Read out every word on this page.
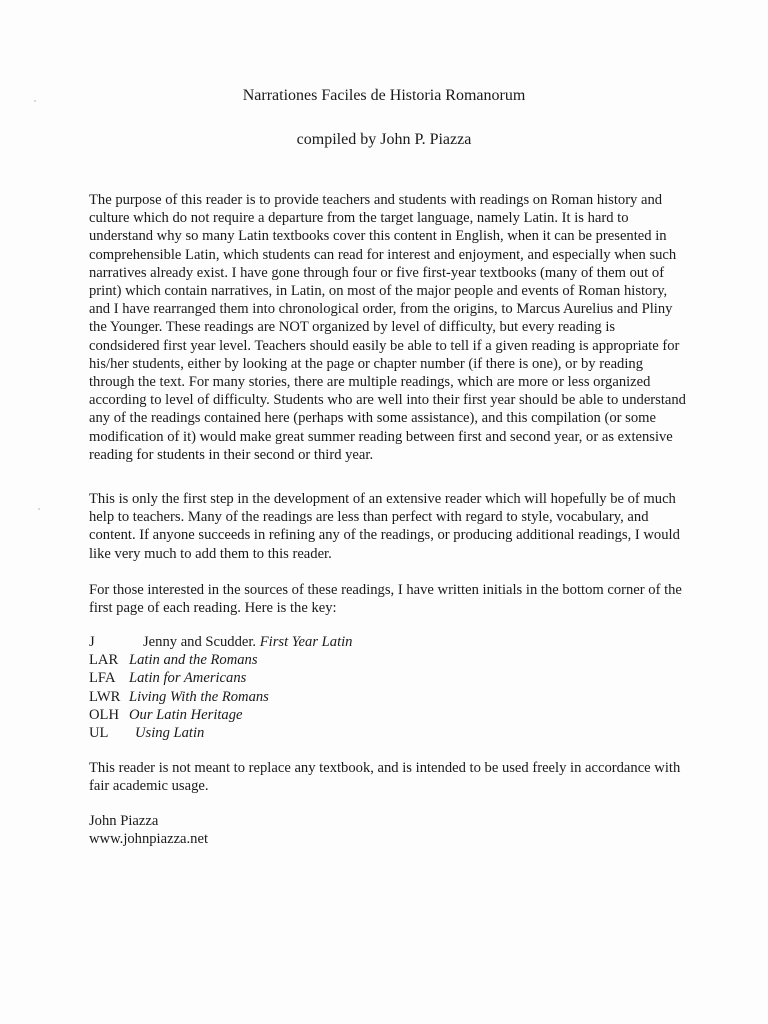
Narrationes Faciles de Historia Romanorum
compiled by John P. Piazza
The purpose of this reader is to provide teachers and students with readings on Roman history and culture which do not require a departure from the target language, namely Latin. It is hard to understand why so many Latin textbooks cover this content in English, when it can be presented in comprehensible Latin, which students can read for interest and enjoyment, and especially when such narratives already exist. I have gone through four or five first-year textbooks (many of them out of print) which contain narratives, in Latin, on most of the major people and events of Roman history, and I have rearranged them into chronological order, from the origins, to Marcus Aurelius and Pliny the Younger. These readings are NOT organized by level of difficulty, but every reading is condsidered first year level. Teachers should easily be able to tell if a given reading is appropriate for his/her students, either by looking at the page or chapter number (if there is one), or by reading through the text. For many stories, there are multiple readings, which are more or less organized according to level of difficulty. Students who are well into their first year should be able to understand any of the readings contained here (perhaps with some assistance), and this compilation (or some modification of it) would make great summer reading between first and second year, or as extensive reading for students in their second or third year.
This is only the first step in the development of an extensive reader which will hopefully be of much help to teachers. Many of the readings are less than perfect with regard to style, vocabulary, and content. If anyone succeeds in refining any of the readings, or producing additional readings, I would like very much to add them to this reader.
For those interested in the sources of these readings, I have written initials in the bottom corner of the first page of each reading. Here is the key:
J	Jenny and Scudder.
First Year Latin
LAR Latin and the Romans
LFA Latin for Americans
LWR Living With the Romans
OLH Our Latin Heritage
UL	Using Latin
This reader is not meant to replace any textbook, and is intended to be used freely in accordance with fair academic usage.
John Piazza
www.johnpiazza.net
